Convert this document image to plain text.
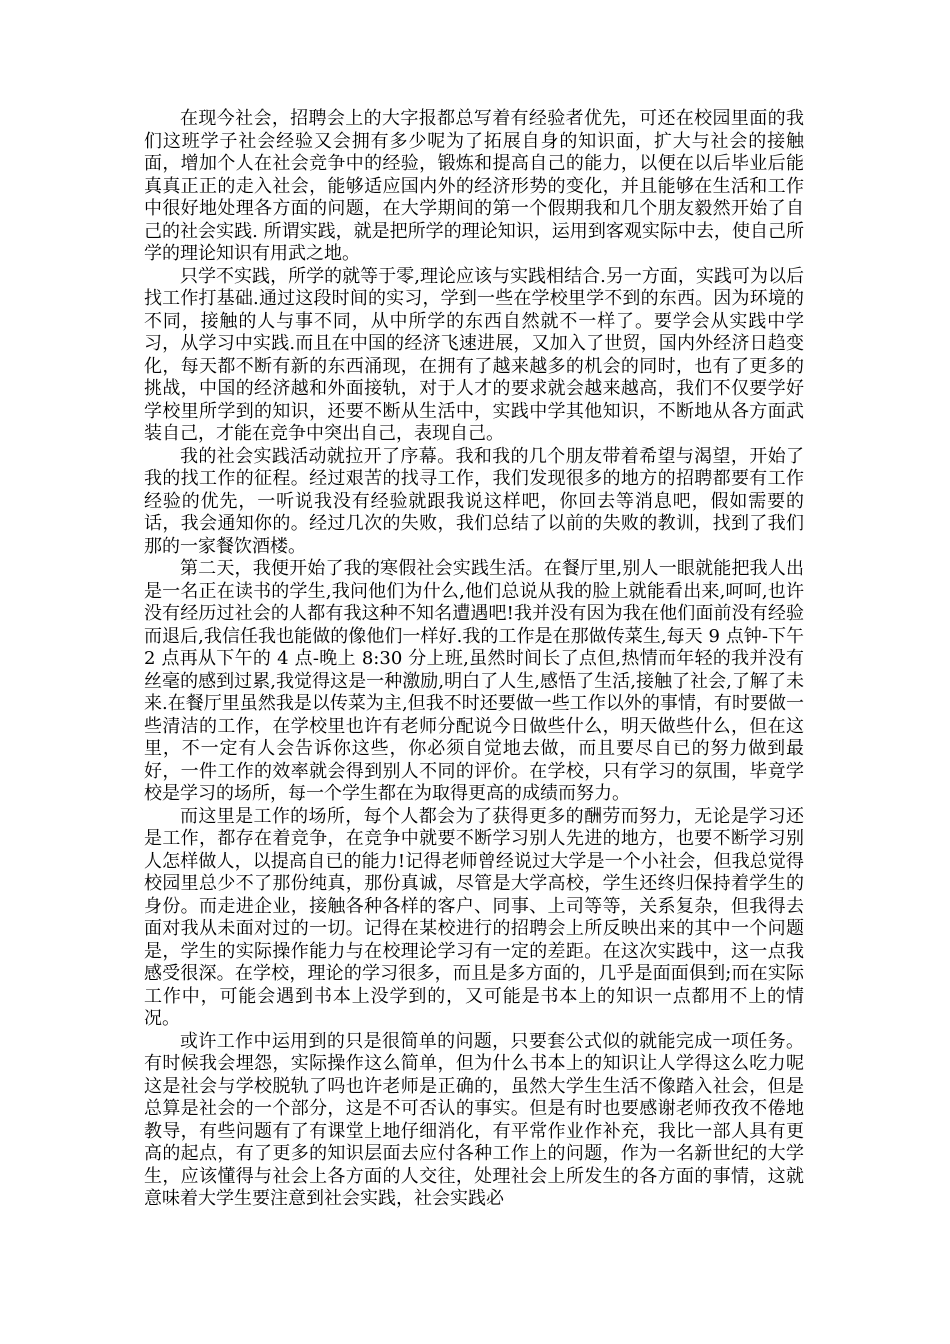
在现今社会，招聘会上的大字报都总写着有经验者优先，可还在校园里面的我们这班学子社会经验又会拥有多少呢为了拓展自身的知识面，扩大与社会的接触面，增加个人在社会竞争中的经验，锻炼和提高自己的能力，以便在以后毕业后能真真正正的走入社会，能够适应国内外的经济形势的变化，并且能够在生活和工作中很好地处理各方面的问题，在大学期间的第一个假期我和几个朋友毅然开始了自己的社会实践. 所谓实践，就是把所学的理论知识，运用到客观实际中去，使自己所学的理论知识有用武之地。

只学不实践，所学的就等于零,理论应该与实践相结合.另一方面，实践可为以后找工作打基础.通过这段时间的实习，学到一些在学校里学不到的东西。因为环境的不同，接触的人与事不同，从中所学的东西自然就不一样了。要学会从实践中学习，从学习中实践.而且在中国的经济飞速进展，又加入了世贸，国内外经济日趋变化，每天都不断有新的东西涌现，在拥有了越来越多的机会的同时，也有了更多的挑战，中国的经济越和外面接轨，对于人才的要求就会越来越高，我们不仅要学好学校里所学到的知识，还要不断从生活中，实践中学其他知识，不断地从各方面武装自己，才能在竞争中突出自己，表现自己。

我的社会实践活动就拉开了序幕。我和我的几个朋友带着希望与渴望，开始了我的找工作的征程。经过艰苦的找寻工作，我们发现很多的地方的招聘都要有工作经验的优先，一听说我没有经验就跟我说这样吧，你回去等消息吧，假如需要的话，我会通知你的。经过几次的失败，我们总结了以前的失败的教训，找到了我们那的一家餐饮酒楼。

第二天，我便开始了我的寒假社会实践生活。在餐厅里,别人一眼就能把我人出是一名正在读书的学生,我问他们为什么,他们总说从我的脸上就能看出来,呵呵,也许没有经历过社会的人都有我这种不知名遭遇吧!我并没有因为我在他们面前没有经验而退后,我信任我也能做的像他们一样好.我的工作是在那做传菜生,每天 9 点钟-下午 2 点再从下午的 4 点-晚上 8:30 分上班,虽然时间长了点但,热情而年轻的我并没有丝毫的感到过累,我觉得这是一种激励,明白了人生,感悟了生活,接触了社会,了解了未来.在餐厅里虽然我是以传菜为主,但我不时还要做一些工作以外的事情，有时要做一些清洁的工作，在学校里也许有老师分配说今日做些什么，明天做些什么，但在这里，不一定有人会告诉你这些，你必须自觉地去做，而且要尽自已的努力做到最好，一件工作的效率就会得到别人不同的评价。在学校，只有学习的氛围，毕竟学校是学习的场所，每一个学生都在为取得更高的成绩而努力。

而这里是工作的场所，每个人都会为了获得更多的酬劳而努力，无论是学习还是工作，都存在着竞争，在竞争中就要不断学习别人先进的地方，也要不断学习别人怎样做人，以提高自已的能力!记得老师曾经说过大学是一个小社会，但我总觉得校园里总少不了那份纯真，那份真诚，尽管是大学高校，学生还终归保持着学生的身份。而走进企业，接触各种各样的客户、同事、上司等等，关系复杂，但我得去面对我从未面对过的一切。记得在某校进行的招聘会上所反映出来的其中一个问题是，学生的实际操作能力与在校理论学习有一定的差距。在这次实践中，这一点我感受很深。在学校，理论的学习很多，而且是多方面的，几乎是面面俱到;而在实际工作中，可能会遇到书本上没学到的，又可能是书本上的知识一点都用不上的情况。

或许工作中运用到的只是很简单的问题，只要套公式似的就能完成一项任务。有时候我会埋怨，实际操作这么简单，但为什么书本上的知识让人学得这么吃力呢这是社会与学校脱轨了吗也许老师是正确的，虽然大学生生活不像踏入社会，但是总算是社会的一个部分，这是不可否认的事实。但是有时也要感谢老师孜孜不倦地教导，有些问题有了有课堂上地仔细消化，有平常作业作补充，我比一部人具有更高的起点，有了更多的知识层面去应付各种工作上的问题，作为一名新世纪的大学生，应该懂得与社会上各方面的人交往，处理社会上所发生的各方面的事情，这就意味着大学生要注意到社会实践，社会实践必
